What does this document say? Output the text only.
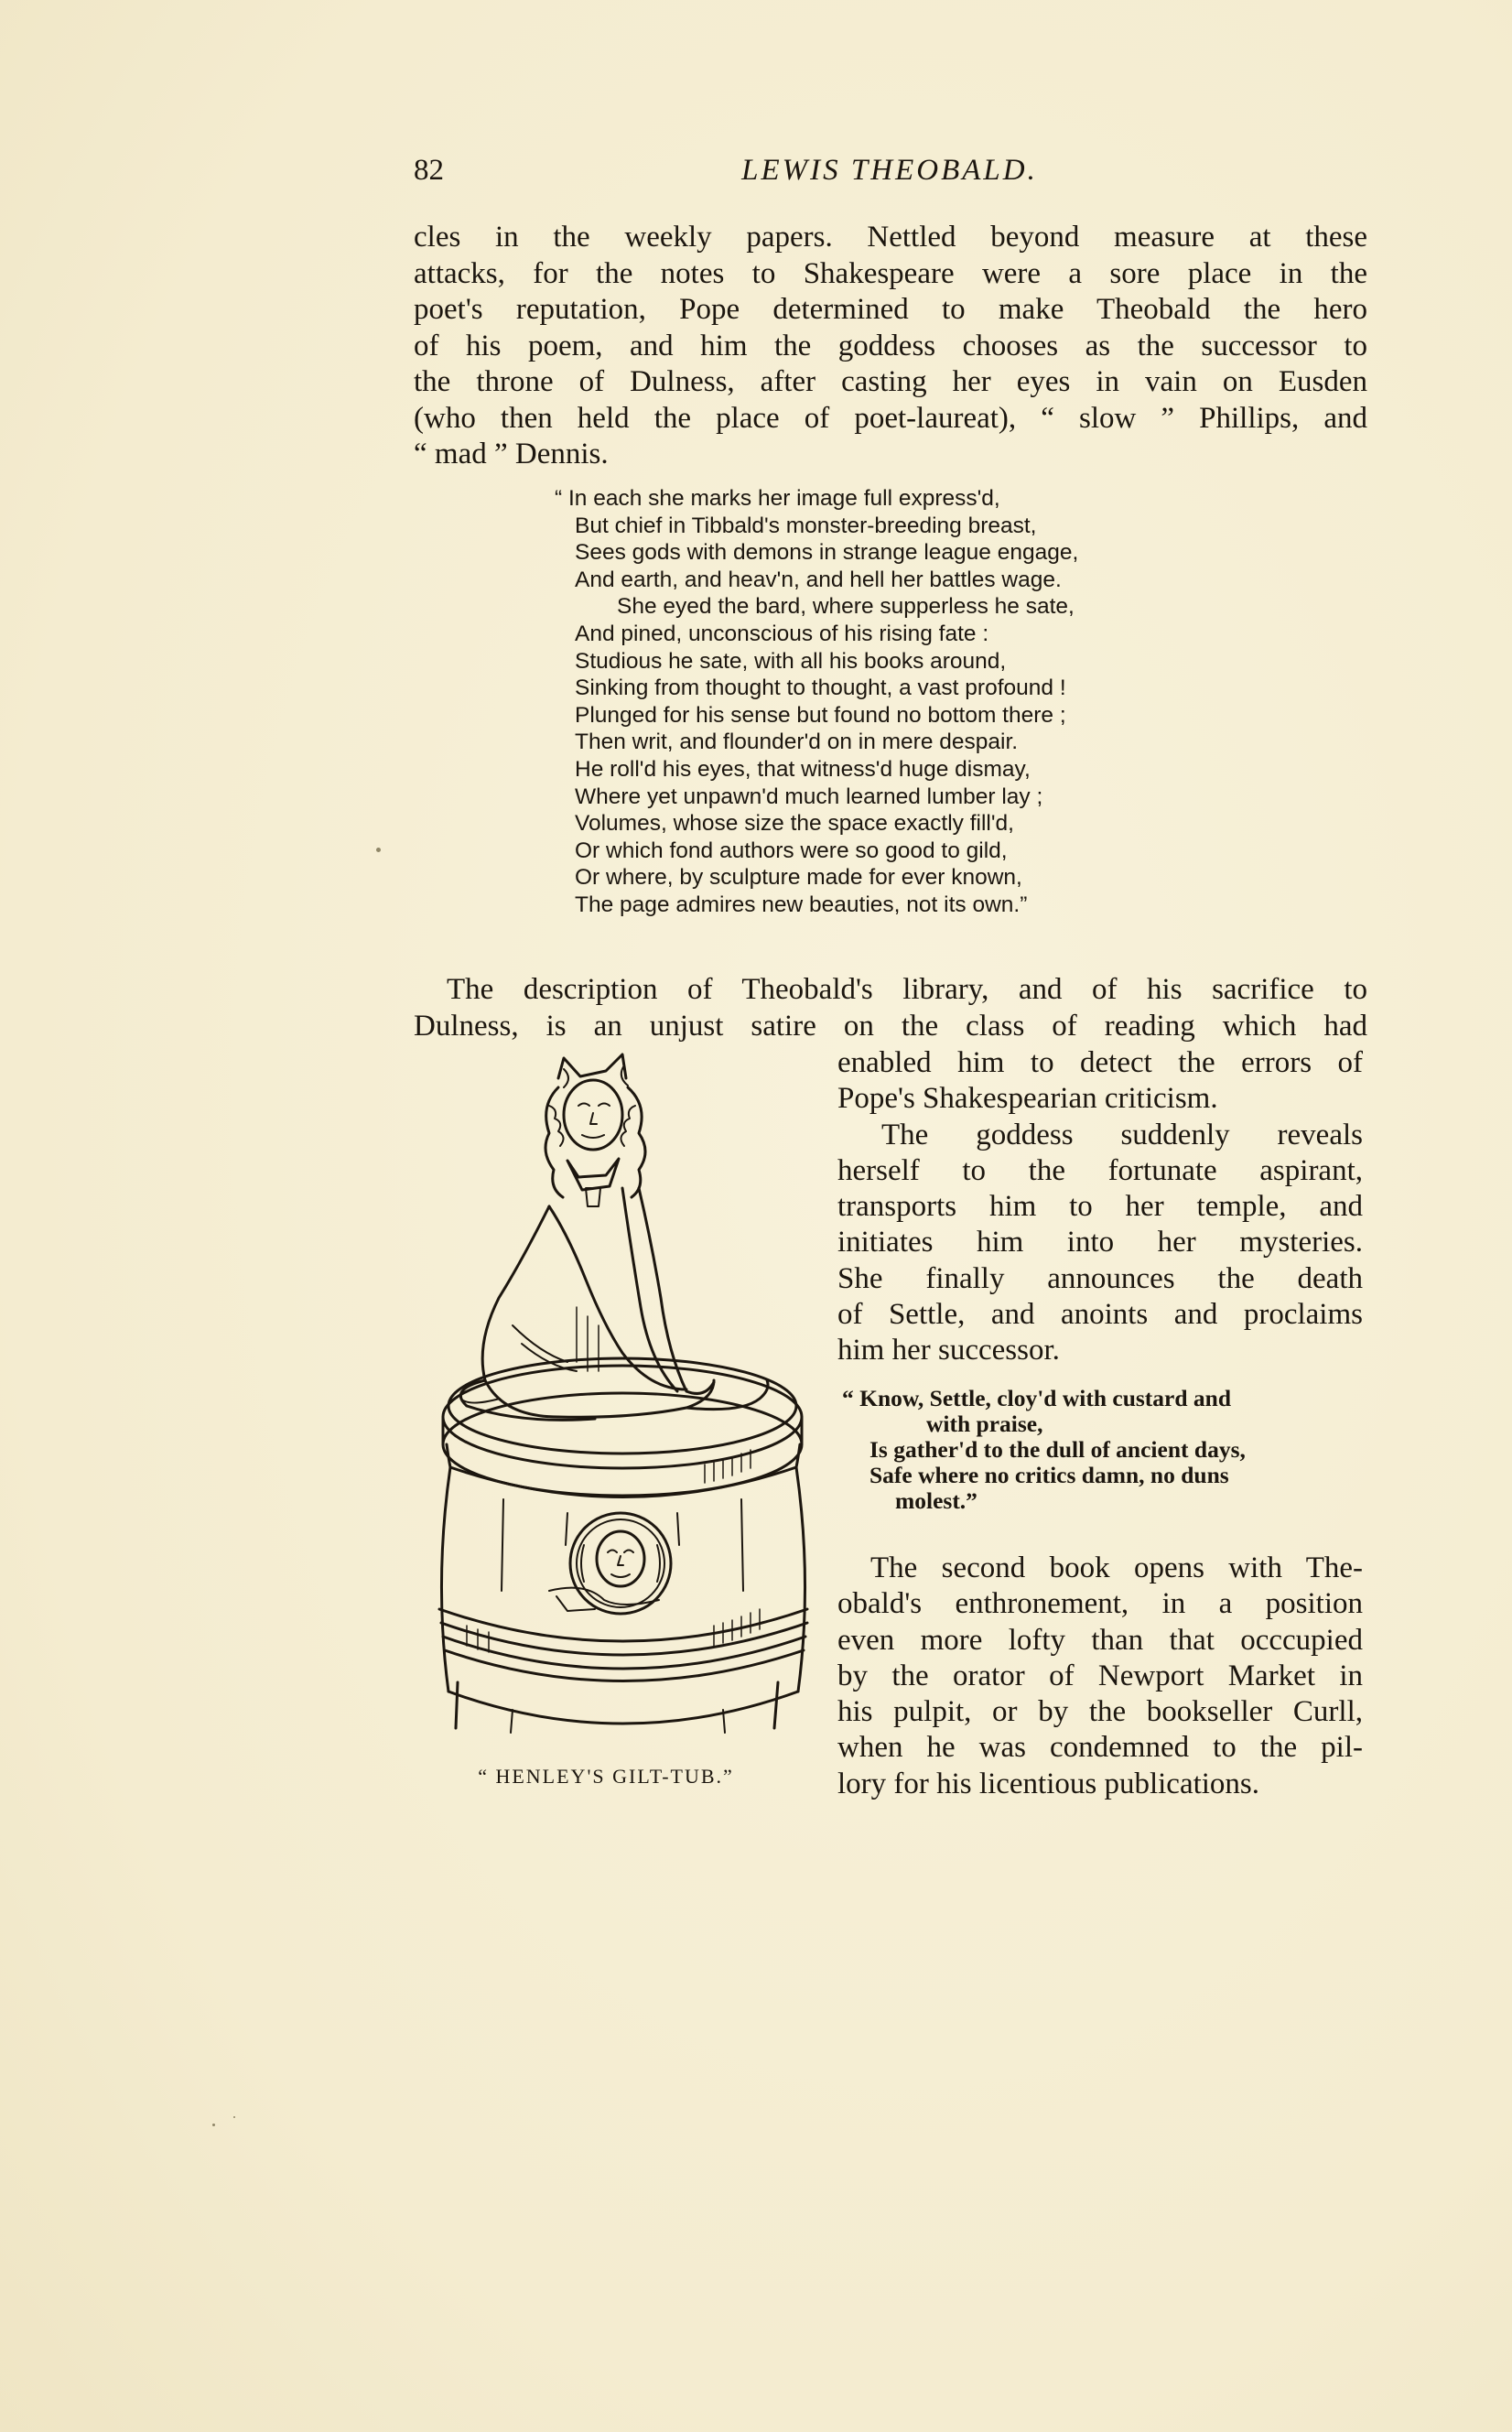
82	LEWIS THEOBALD.
cles in the weekly papers. Nettled beyond measure at these
attacks, for the notes to Shakespeare were a sore place in the
poet's reputation, Pope determined to make Theobald the hero
of his poem, and him the goddess chooses as the successor to
the throne of Dulness, after casting her eyes in vain on Eusden
(who then held the place of poet-laureat), “ slow ” Phillips, and
“ mad ” Dennis.
“ In each she marks her image full express'd,
But chief in Tibbald's monster-breeding breast,
Sees gods with demons in strange league engage,
And earth, and heav'n, and hell her battles wage.
She eyed the bard, where supperless he sate,
And pined, unconscious of his rising fate :
Studious he sate, with all his books around,
Sinking from thought to thought, a vast profound !
Plunged for his sense but found no bottom there ;
Then writ, and flounder'd on in mere despair.
He roll'd his eyes, that witness'd huge dismay,
Where yet unpawn'd much learned lumber lay ;
Volumes, whose size the space exactly fill'd,
Or which fond authors were so good to gild,
Or where, by sculpture made for ever known,
The page admires new beauties, not its own.”
The description of Theobald's library, and of his sacrifice to
Dulness, is an unjust satire on the class of reading which had
enabled him to detect the errors of
Pope's Shakespearian criticism.
The goddess suddenly reveals
herself to the fortunate aspirant,
transports him to her temple, and
initiates him into her mysteries.
She finally announces the death
of Settle, and anoints and proclaims
him her successor.
“ Know, Settle, cloy'd with custard and
with praise,
Is gather'd to the dull of ancient days,
Safe where no critics damn, no duns
molest.”
The second book opens with The-
obald's enthronement, in a position
even more lofty than that occcupied
by the orator of Newport Market in
his pulpit, or by the bookseller Curll,
when he was condemned to the pil-
lory for his licentious publications.
“ HENLEY'S GILT-TUB.”
